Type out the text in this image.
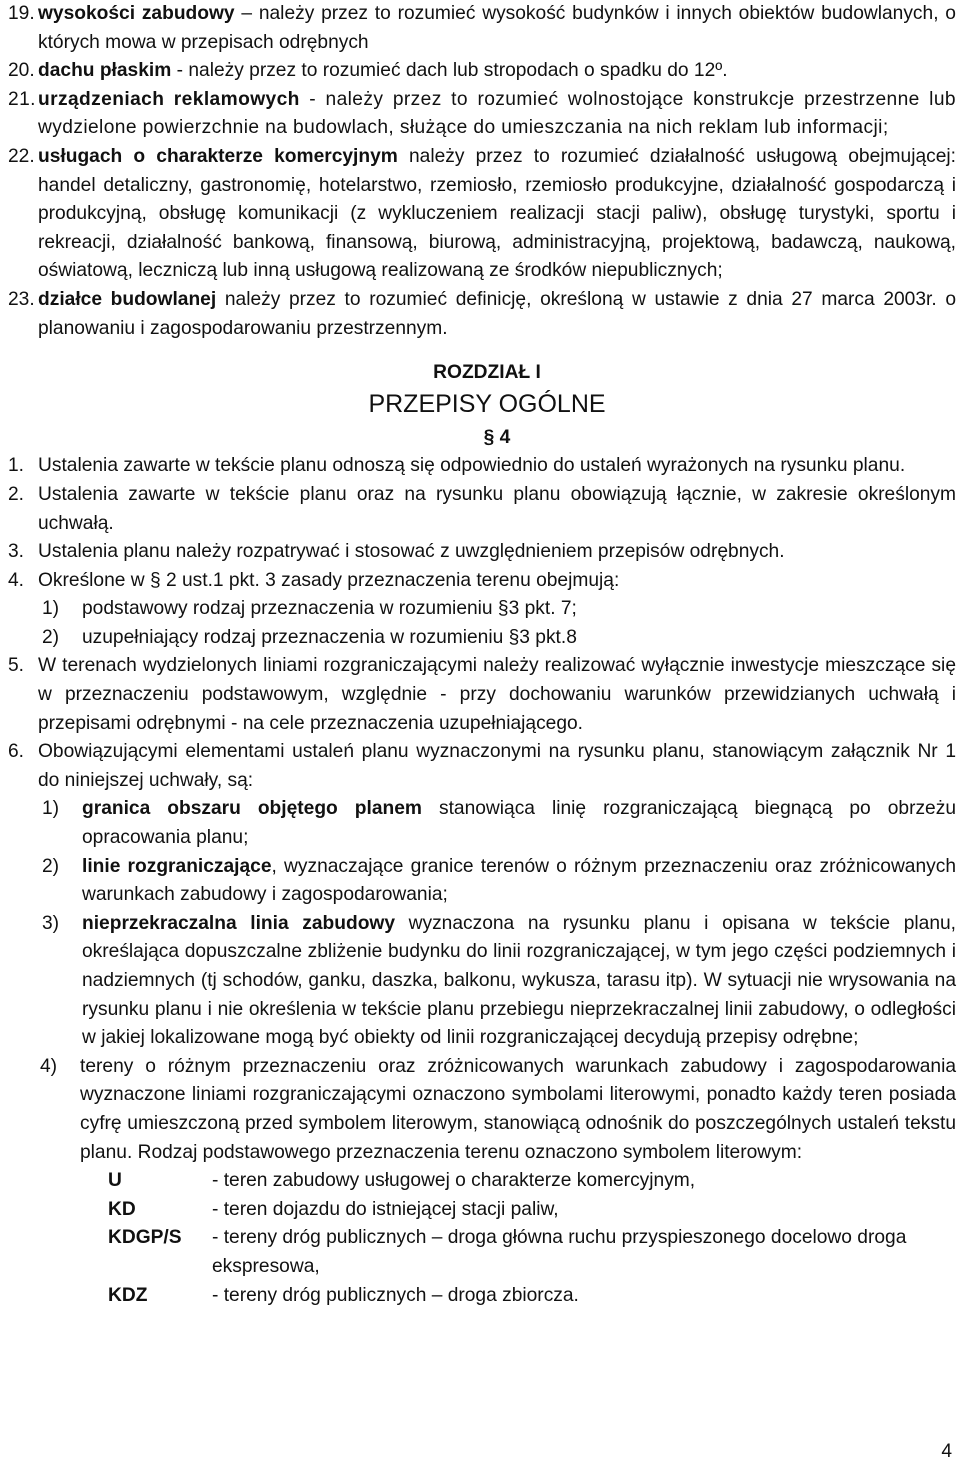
19. wysokości zabudowy – należy przez to rozumieć wysokość budynków i innych obiektów budowlanych, o których mowa w przepisach odrębnych

20. dachu płaskim - należy przez to rozumieć dach lub stropodach o spadku do 12º.

21. urządzeniach reklamowych - należy przez to rozumieć wolnostojące konstrukcje przestrzenne lub wydzielone powierzchnie na budowlach, służące do umieszczania na nich reklam lub informacji;

22. usługach o charakterze komercyjnym należy przez to rozumieć działalność usługową obejmującej: handel detaliczny, gastronomię, hotelarstwo, rzemiosło, rzemiosło produkcyjne, działalność gospodarczą i produkcyjną, obsługę komunikacji (z wykluczeniem realizacji stacji paliw), obsługę turystyki, sportu i rekreacji, działalność bankową, finansową, biurową, administracyjną, projektową, badawczą, naukową, oświatową, leczniczą lub inną usługową realizowaną ze środków niepublicznych;

23. działce budowlanej należy przez to rozumieć definicję, określoną w ustawie z dnia 27 marca 2003r. o planowaniu i zagospodarowaniu przestrzennym.

ROZDZIAŁ I

PRZEPISY OGÓLNE

§ 4

1. Ustalenia zawarte w tekście planu odnoszą się odpowiednio do ustaleń wyrażonych na rysunku planu.

2. Ustalenia zawarte w tekście planu oraz na rysunku planu obowiązują łącznie, w zakresie określonym uchwałą.

3. Ustalenia planu należy rozpatrywać i stosować z uwzględnieniem przepisów odrębnych.

4. Określone w § 2 ust.1 pkt. 3 zasady przeznaczenia terenu obejmują:

1)	podstawowy rodzaj przeznaczenia w rozumieniu §3 pkt. 7;

2)	uzupełniający rodzaj przeznaczenia w rozumieniu §3 pkt.8

5. W terenach wydzielonych liniami rozgraniczającymi należy realizować wyłącznie inwestycje mieszczące się w przeznaczeniu podstawowym, względnie - przy dochowaniu warunków przewidzianych uchwałą i przepisami odrębnymi - na cele przeznaczenia uzupełniającego.

6. Obowiązującymi elementami ustaleń planu wyznaczonymi na rysunku planu, stanowiącym załącznik Nr 1 do niniejszej uchwały, są:

1)	granica obszaru objętego planem stanowiąca linię rozgraniczającą biegnącą po obrzeżu opracowania planu;

2)	linie rozgraniczające, wyznaczające granice terenów o różnym przeznaczeniu oraz zróżnicowanych warunkach zabudowy i zagospodarowania;

3)	nieprzekraczalna linia zabudowy wyznaczona na rysunku planu i opisana w tekście planu, określająca dopuszczalne zbliżenie budynku do linii rozgraniczającej, w tym jego części podziemnych i nadziemnych (tj schodów, ganku, daszka, balkonu, wykusza, tarasu itp). W sytuacji nie wrysowania na rysunku planu i nie określenia w tekście planu przebiegu nieprzekraczalnej linii zabudowy, o odległości w jakiej lokalizowane mogą być obiekty od linii rozgraniczającej decydują przepisy odrębne;

4)	tereny o różnym przeznaczeniu oraz zróżnicowanych warunkach zabudowy i zagospodarowania wyznaczone liniami rozgraniczającymi oznaczono symbolami literowymi, ponadto każdy teren posiada cyfrę umieszczoną przed symbolem literowym, stanowiącą odnośnik do poszczególnych ustaleń tekstu planu. Rodzaj podstawowego przeznaczenia terenu oznaczono symbolem literowym:

U	- teren zabudowy usługowej o charakterze komercyjnym,
KD	- teren dojazdu do istniejącej stacji paliw,
KDGP/S	- tereny dróg publicznych – droga główna ruchu przyspieszonego docelowo droga ekspresowa,
KDZ	- tereny dróg publicznych – droga zbiorcza.
4
